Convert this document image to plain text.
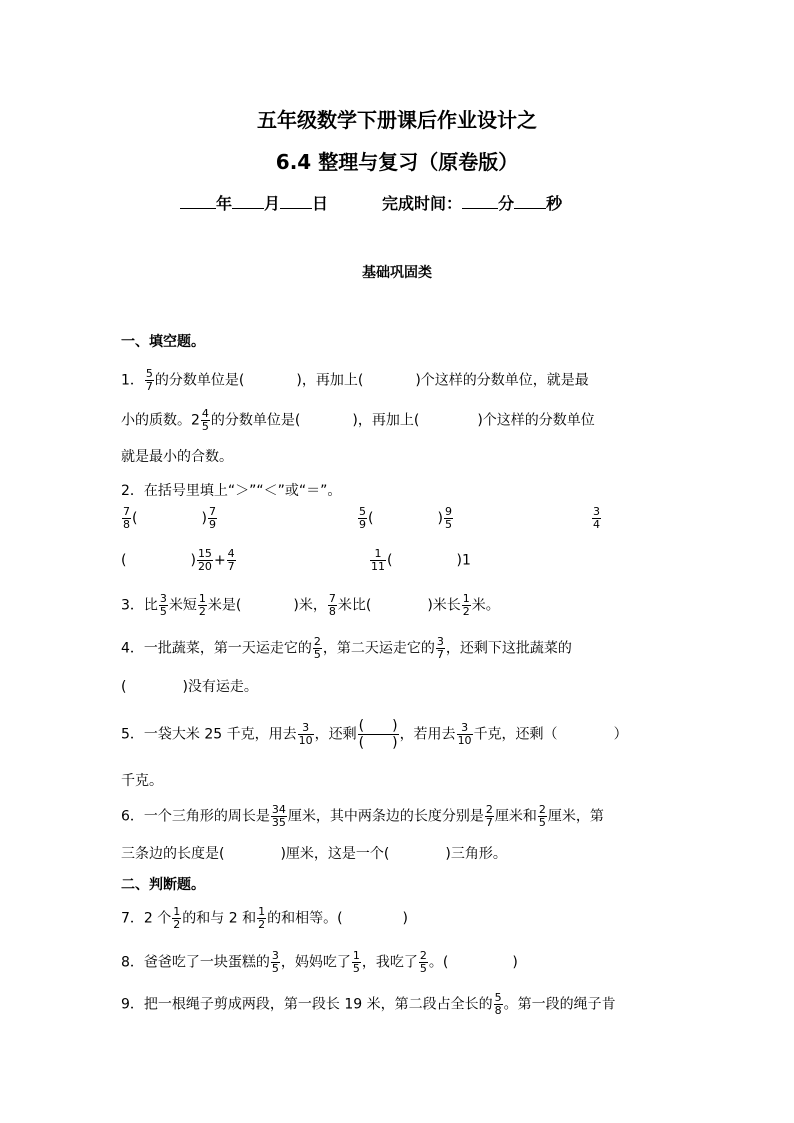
五年级数学下册课后作业设计之
6.4 整理与复习（原卷版）
年 月 日	完成时间： 分 秒
基础巩固类
一、填空题。
1． $\frac{5}{7}$ 的分数单位是(	)，再加上(	)个这样的分数单位，就是最
小的质数。$2 \frac{4}{5}$ 的分数单位是(	)，再加上(	)个这样的分数单位
就是最小的合数。
2．在括号里填上“＞”“＜”或“＝”。
$\frac{7}{8}$ (	) $\frac{7}{9}$	$\frac{5}{9}$ (	) $\frac{9}{5}$	$\frac{3}{4}$
(	) $\frac{15}{20} + \frac{4}{7}$	$\frac{1}{11}$ (	)1
3．比 $\frac{3}{5}$ 米短 $\frac{1}{2}$ 米是(	)米， $\frac{7}{8}$ 米比(	)米长 $\frac{1}{2}$ 米。
4．一批蔬菜，第一天运走它的 $\frac{2}{5}$ ，第二天运走它的 $\frac{3}{7}$ ，还剩下这批蔬菜的
(	)没有运走。
5．一袋大米 25 千克，用去 $\frac{3}{10}$ ，还剩 $\frac{( )}{( )}$ ，若用去 $\frac{3}{10}$ 千克，还剩（	）
千克。
6．一个三角形的周长是 $\frac{34}{35}$ 厘米，其中两条边的长度分别是 $\frac{2}{7}$ 厘米和 $\frac{2}{5}$ 厘米，第
三条边的长度是(	)厘米，这是一个(	)三角形。
二、判断题。
7．2 个 $\frac{1}{2}$ 的和与 2 和 $\frac{1}{2}$ 的和相等。(	)
8．爸爸吃了一块蛋糕的 $\frac{3}{5}$ ，妈妈吃了 $\frac{1}{5}$ ，我吃了 $\frac{2}{5}$ 。(	)
9．把一根绳子剪成两段，第一段长 19 米，第二段占全长的 $\frac{5}{8}$ 。第一段的绳子肯
